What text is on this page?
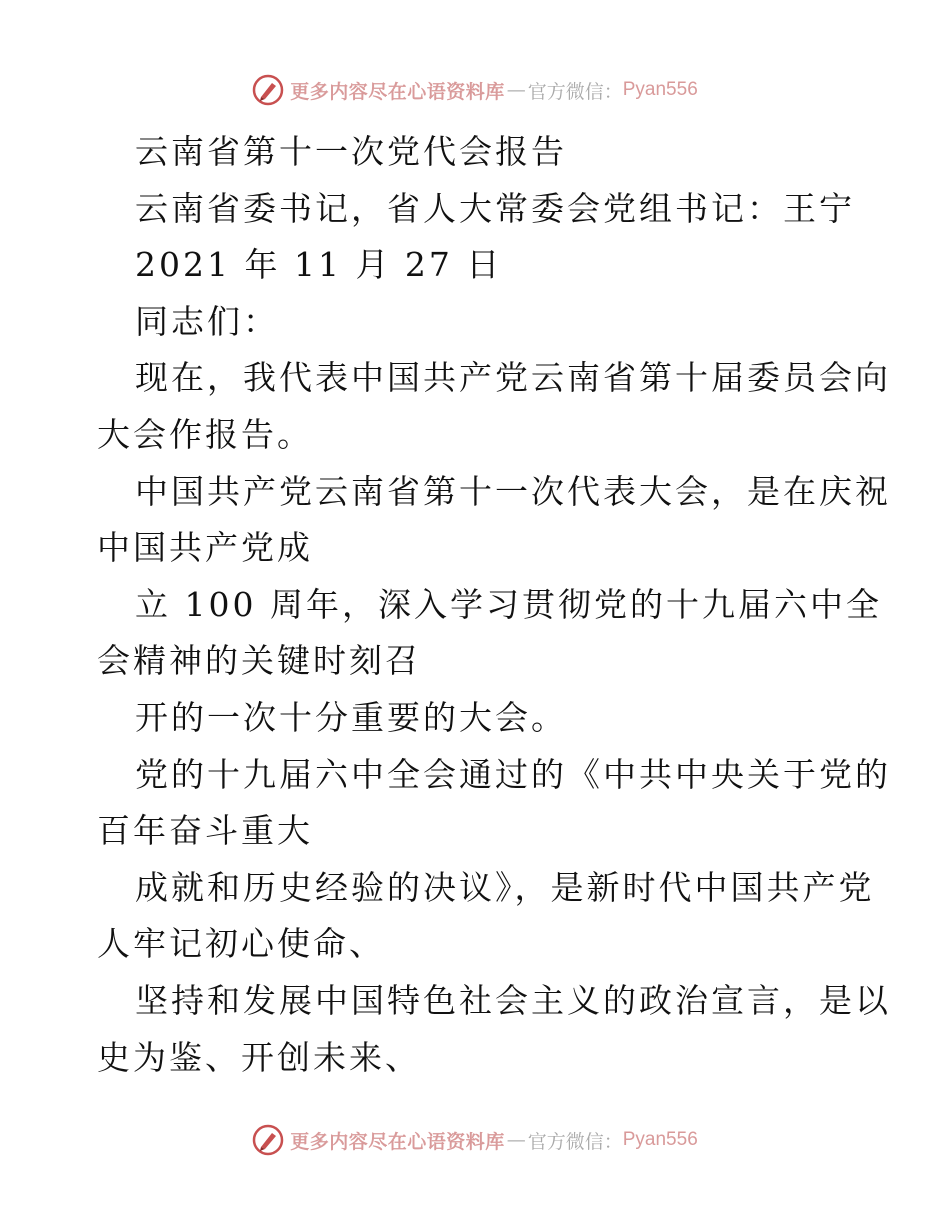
更多内容尽在心语资料库 — 官方微信： Pyan556
云南省第十一次党代会报告
云南省委书记，省人大常委会党组书记：王宁
2021 年 11 月 27 日
同志们：
现在，我代表中国共产党云南省第十届委员会向
大会作报告。
中国共产党云南省第十一次代表大会，是在庆祝
中国共产党成
立 100 周年，深入学习贯彻党的十九届六中全
会精神的关键时刻召
开的一次十分重要的大会。
党的十九届六中全会通过的《中共中央关于党的
百年奋斗重大
成就和历史经验的决议》，是新时代中国共产党
人牢记初心使命、
坚持和发展中国特色社会主义的政治宣言，是以
史为鉴、开创未来、
更多内容尽在心语资料库 — 官方微信： Pyan556
